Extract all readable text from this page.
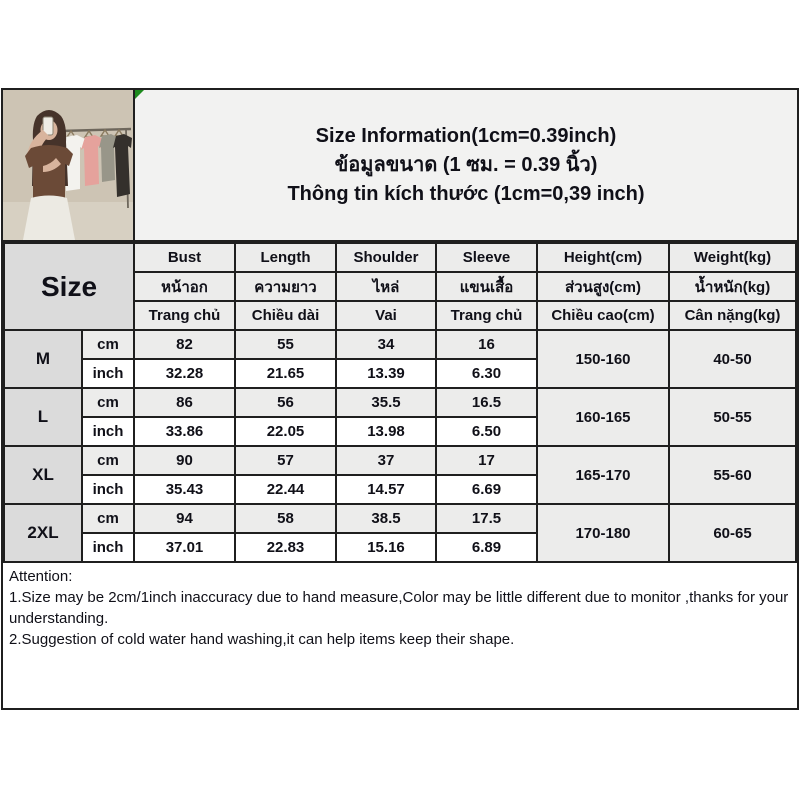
Size Information(1cm=0.39inch)
ข้อมูลขนาด (1 ซม. = 0.39 นิ้ว)
Thông tin kích thước (1cm=0,39 inch)
Size		Bust	Length	Shoulder	Sleeve	Height(cm)	Weight(kg)
		หน้าอก	ความยาว	ไหล่	แขนเสื้อ	ส่วนสูง(cm)	น้ำหนัก(kg)
		Trang chủ	Chiều dài	Vai	Trang chủ	Chiều cao(cm)	Cân nặng(kg)
M	cm	82	55	34	16	150-160	40-50
	inch	32.28	21.65	13.39	6.30		
L	cm	86	56	35.5	16.5	160-165	50-55
	inch	33.86	22.05	13.98	6.50		
XL	cm	90	57	37	17	165-170	55-60
	inch	35.43	22.44	14.57	6.69		
2XL	cm	94	58	38.5	17.5	170-180	60-65
	inch	37.01	22.83	15.16	6.89		

Attention:

1.Size may be 2cm/1inch inaccuracy due to hand measure,Color may be little different due to monitor ,thanks for your understanding.

2.Suggestion of cold water hand washing,it can help items keep their shape.
